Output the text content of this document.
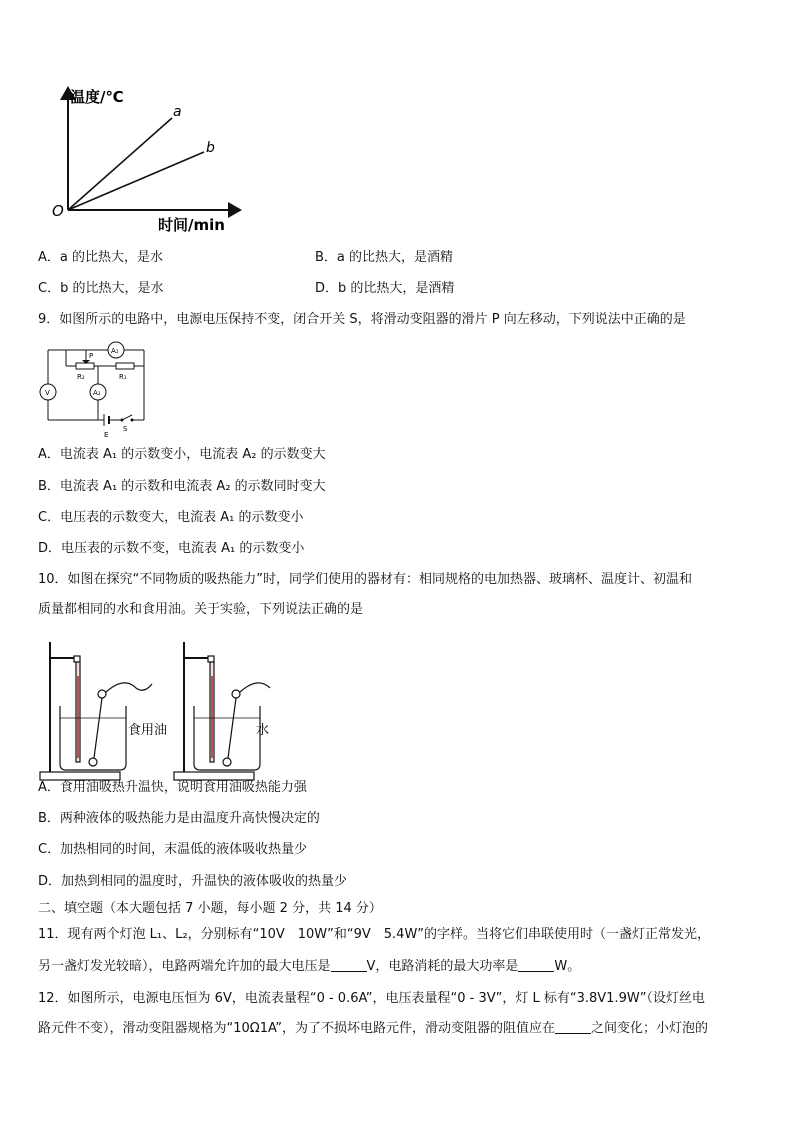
温度/℃
时间/min
O
a
b
A．a 的比热大，是水	B．a 的比热大，是酒精
C．b 的比热大，是水	D．b 的比热大，是酒精
9．如图所示的电路中，电源电压保持不变，闭合开关 S，将滑动变阻器的滑片 P 向左移动，下列说法中正确的是
P
R₂	R₁
A₁
A₂
V
E
S
A．电流表 A₁ 的示数变小，电流表 A₂ 的示数变大
B．电流表 A₁ 的示数和电流表 A₂ 的示数同时变大
C．电压表的示数变大，电流表 A₁ 的示数变小
D．电压表的示数不变，电流表 A₁ 的示数变小
10．如图在探究“不同物质的吸热能力”时，同学们使用的器材有：相同规格的电加热器、玻璃杯、温度计、初温和
质量都相同的水和食用油。关于实验，下列说法正确的是
食用油	水
A．食用油吸热升温快，说明食用油吸热能力强
B．两种液体的吸热能力是由温度升高快慢决定的
C．加热相同的时间，末温低的液体吸收热量少
D．加热到相同的温度时，升温快的液体吸收的热量少
二、填空题（本大题包括 7 小题，每小题 2 分，共 14 分）
11．现有两个灯泡 L₁、L₂，分别标有“10V　10W”和“9V　5.4W”的字样。当将它们串联使用时（一盏灯正常发光，
另一盏灯发光较暗），电路两端允许加的最大电压是	V，电路消耗的最大功率是	W。
12．如图所示，电源电压恒为 6V，电流表量程“0 - 0.6A”，电压表量程“0 - 3V”，灯 L 标有“3.8V1.9W”（设灯丝电
路元件不变），滑动变阻器规格为“10Ω1A”，为了不损坏电路元件，滑动变阻器的阻值应在	之间变化；小灯泡的
